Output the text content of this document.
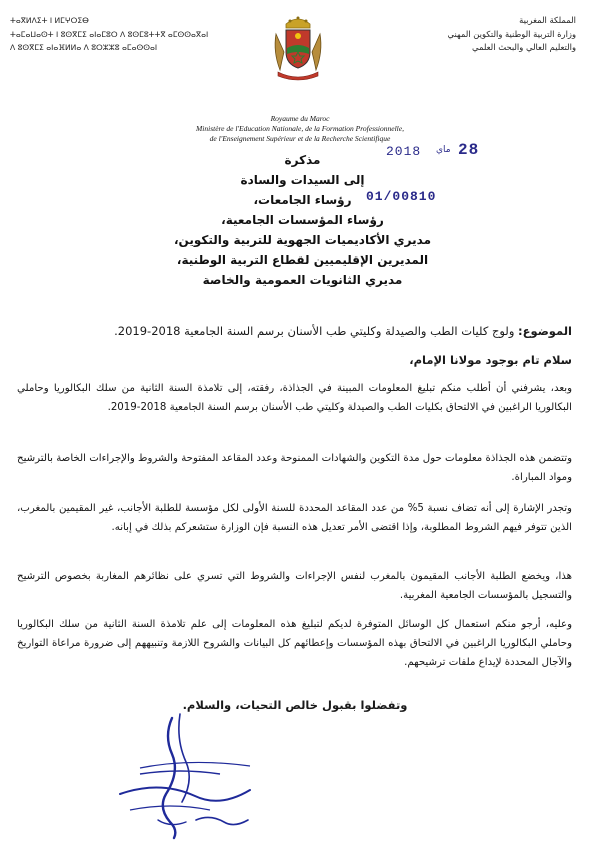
ⵜⴰⴳⵍⴷⵉⵜ ⵏ ⵍⵎⵖⵔⵉⴱ
ⵜⴰⵎⴰⵡⴰⵙⵜ ⵏ ⵓⵙⴳⵎⵉ ⴰⵏⴰⵎⵓⵔ ⴷ ⵓⵙⵎⵓⵜⵜⴳ ⴰⵎⵙⵙⴰⴳⴰⵏ
ⴷ ⵓⵙⴳⵎⵉ ⴰⵏⴰⴼⵍⵍⴰ ⴷ ⵓⵔⵣⵣⵓ ⴰⵎⴰⵙⵙⴰⵏ
المملكة المغربية
وزارة التربية الوطنية والتكوين المهني
والتعليم العالي والبحث العلمي
Royaume du Maroc
Ministère de l'Education Nationale, de la Formation Professionnelle,
de l'Enseignement Supérieur et de la Recherche Scientifique
مذكرة
إلى السيدات والسادة
رؤساء الجامعات،
رؤساء المؤسسات الجامعية،
مديري الأكاديميات الجهوية للتربية والتكوين،
المديرين الإقليميين لقطاع التربية الوطنية،
مديري الثانويات العمومية والخاصة
2018 ماي 28
01/00810
الموضوع: ولوج كليات الطب والصيدلة وكليتي طب الأسنان برسم السنة الجامعية 2018-2019.
سلام تام بوجود مولانا الإمام،
وبعد، يشرفني أن أطلب منكم تبليغ المعلومات المبينة في الجذاذة، رفقته، إلى تلامذة السنة الثانية من سلك البكالوريا وحاملي البكالوريا الراغبين في الالتحاق بكليات الطب والصيدلة وكليتي طب الأسنان برسم السنة الجامعية 2018-2019.
وتتضمن هذه الجذاذة معلومات حول مدة التكوين والشهادات الممنوحة وعدد المقاعد المفتوحة والشروط والإجراءات الخاصة بالترشيح ومواد المباراة.
وتجدر الإشارة إلى أنه تضاف نسبة 5% من عدد المقاعد المحددة للسنة الأولى لكل مؤسسة للطلبة الأجانب، غير المقيمين بالمغرب، الذين تتوفر فيهم الشروط المطلوبة، وإذا اقتضى الأمر تعديل هذه النسبة فإن الوزارة ستشعركم بذلك في إبانه.
هذا، ويخضع الطلبة الأجانب المقيمون بالمغرب لنفس الإجراءات والشروط التي تسري على نظائرهم المغاربة بخصوص الترشيح والتسجيل بالمؤسسات الجامعية المغربية.
وعليه، أرجو منكم استعمال كل الوسائل المتوفرة لديكم لتبليغ هذه المعلومات إلى علم تلامذة السنة الثانية من سلك البكالوريا وحاملي البكالوريا الراغبين في الالتحاق بهذه المؤسسات وإعطائهم كل البيانات والشروح اللازمة وتنبيههم إلى ضرورة مراعاة التواريخ والآجال المحددة لإيداع ملفات ترشيحهم.
وتفضلوا بقبول خالص التحيات، والسلام.
